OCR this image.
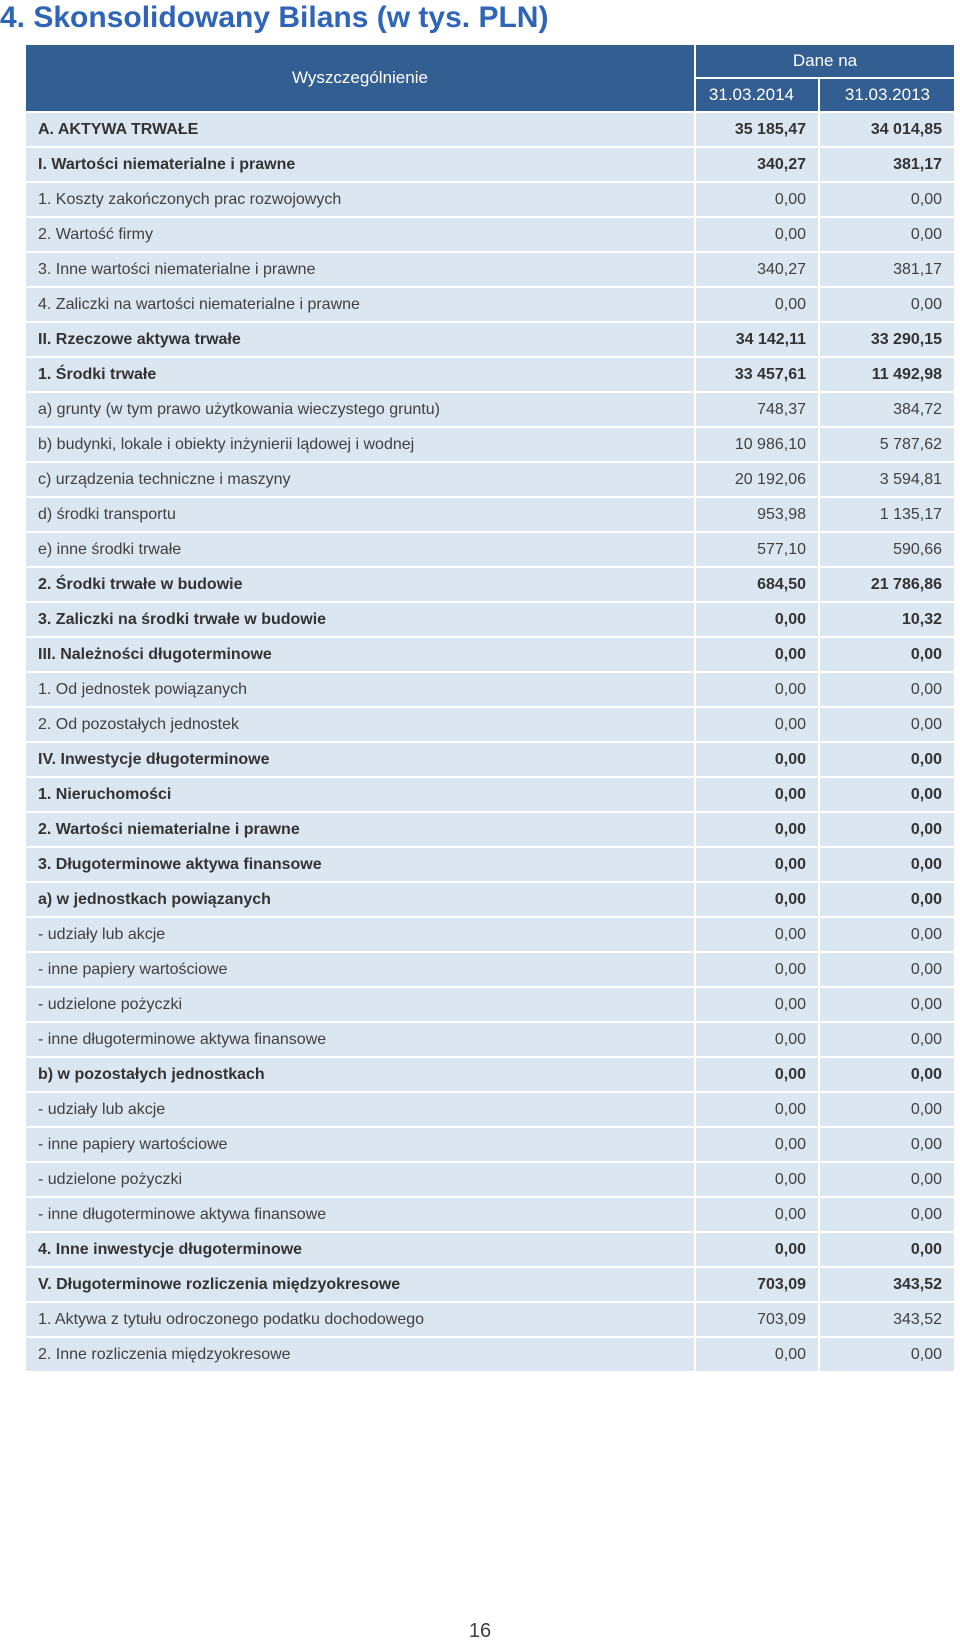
4. Skonsolidowany Bilans (w tys. PLN)
Wyszczególnienie	Dane na	
	31.03.2014	31.03.2013
A. AKTYWA TRWAŁE	35 185,47	34 014,85
I. Wartości niematerialne i prawne	340,27	381,17
1. Koszty zakończonych prac rozwojowych	0,00	0,00
2. Wartość firmy	0,00	0,00
3. Inne wartości niematerialne i prawne	340,27	381,17
4. Zaliczki na wartości niematerialne i prawne	0,00	0,00
II. Rzeczowe aktywa trwałe	34 142,11	33 290,15
1. Środki trwałe	33 457,61	11 492,98
a) grunty (w tym prawo użytkowania wieczystego gruntu)	748,37	384,72
b) budynki, lokale i obiekty inżynierii lądowej i wodnej	10 986,10	5 787,62
c) urządzenia techniczne i maszyny	20 192,06	3 594,81
d) środki transportu	953,98	1 135,17
e) inne środki trwałe	577,10	590,66
2. Środki trwałe w budowie	684,50	21 786,86
3. Zaliczki na środki trwałe w budowie	0,00	10,32
III. Należności długoterminowe	0,00	0,00
1. Od jednostek powiązanych	0,00	0,00
2. Od pozostałych jednostek	0,00	0,00
IV. Inwestycje długoterminowe	0,00	0,00
1. Nieruchomości	0,00	0,00
2. Wartości niematerialne i prawne	0,00	0,00
3. Długoterminowe aktywa finansowe	0,00	0,00
a) w jednostkach powiązanych	0,00	0,00
- udziały lub akcje	0,00	0,00
- inne papiery wartościowe	0,00	0,00
- udzielone pożyczki	0,00	0,00
- inne długoterminowe aktywa finansowe	0,00	0,00
b) w pozostałych jednostkach	0,00	0,00
- udziały lub akcje	0,00	0,00
- inne papiery wartościowe	0,00	0,00
- udzielone pożyczki	0,00	0,00
- inne długoterminowe aktywa finansowe	0,00	0,00
4. Inne inwestycje długoterminowe	0,00	0,00
V. Długoterminowe rozliczenia międzyokresowe	703,09	343,52
1. Aktywa z tytułu odroczonego podatku dochodowego	703,09	343,52
2. Inne rozliczenia międzyokresowe	0,00	0,00
16
